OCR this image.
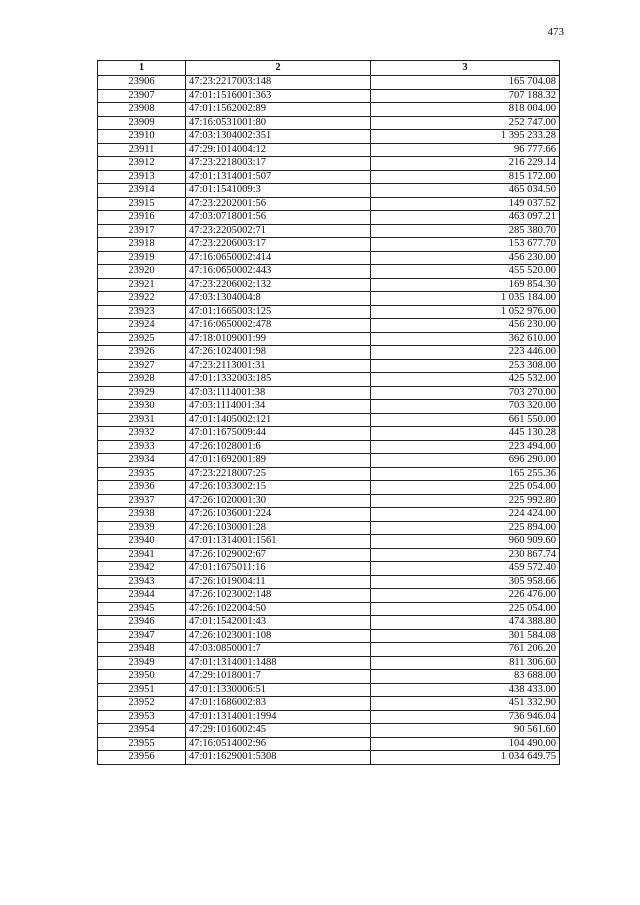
473
1	2	3
23906	47:23:2217003:148	165 704.08
23907	47:01:1516001:363	707 188.32
23908	47:01:1562002:89	818 004.00
23909	47:16:0531001:80	252 747.00
23910	47:03:1304002:351	1 395 233.28
23911	47:29:1014004:12	96 777.66
23912	47:23:2218003:17	216 229.14
23913	47:01:1314001:507	815 172.00
23914	47:01:1541009:3	465 034.50
23915	47:23:2202001:56	149 037.52
23916	47:03:0718001:56	463 097.21
23917	47:23:2205002:71	285 380.70
23918	47:23:2206003:17	153 677.70
23919	47:16:0650002:414	456 230.00
23920	47:16:0650002:443	455 520.00
23921	47:23:2206002:132	169 854.30
23922	47:03:1304004:8	1 035 184.00
23923	47:01:1665003:125	1 052 976.00
23924	47:16:0650002:478	456 230.00
23925	47:18:0109001:99	362 610.00
23926	47:26:1024001:98	223 446.00
23927	47:23:2113001:31	253 308.00
23928	47:01:1332003:185	425 532.00
23929	47:03:1114001:38	703 270.00
23930	47:03:1114001:34	703 320.00
23931	47:01:1405002:121	661 550.00
23932	47:01:1675009:44	445 130.28
23933	47:26:1028001:6	223 494.00
23934	47:01:1692001:89	696 290.00
23935	47:23:2218007:25	165 255.36
23936	47:26:1033002:15	225 054.00
23937	47:26:1020001:30	225 992.80
23938	47:26:1036001:224	224 424.00
23939	47:26:1030001:28	225 894.00
23940	47:01:1314001:1561	960 909.60
23941	47:26:1029002:67	230 867.74
23942	47:01:1675011:16	459 572.40
23943	47:26:1019004:11	305 958.66
23944	47:26:1023002:148	226 476.00
23945	47:26:1022004:50	225 054.00
23946	47:01:1542001:43	474 388.80
23947	47:26:1023001:108	301 584.08
23948	47:03:0850001:7	761 206.20
23949	47:01:1314001:1488	811 306.60
23950	47:29:1018001:7	83 688.00
23951	47:01:1330006:51	438 433.00
23952	47:01:1686002:83	451 332.90
23953	47:01:1314001:1994	736 946.04
23954	47:29:1016002:45	90 561.60
23955	47:16:0514002:96	104 490.00
23956	47:01:1629001:5308	1 034 649.75
